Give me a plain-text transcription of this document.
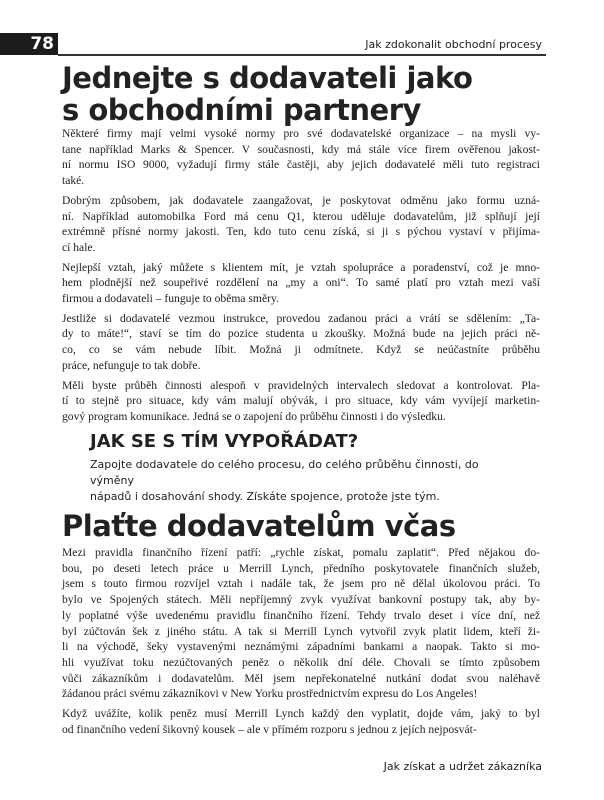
78	Jak zdokonalit obchodní procesy
Jednejte s dodavateli jako
s obchodními partnery
Některé firmy mají velmi vysoké normy pro své dodavatelské organizace – na mysli vy-
tane například Marks & Spencer. V současnosti, kdy má stále více firem ověřenou jakost-
ní normu ISO 9000, vyžadují firmy stále častěji, aby jejich dodavatelé měli tuto registraci
také.
Dobrým způsobem, jak dodavatele zaangažovat, je poskytovat odměnu jako formu uzná-
ní. Například automobilka Ford má cenu Q1, kterou uděluje dodavatelům, již splňují její
extrémně přísné normy jakosti. Ten, kdo tuto cenu získá, si ji s pýchou vystaví v přijíma-
cí hale.
Nejlepší vztah, jaký můžete s klientem mít, je vztah spolupráce a poradenství, což je mno-
hem plodnější než soupeřivé rozdělení na „my a oni“. To samé platí pro vztah mezi vaší
firmou a dodavateli – funguje to oběma směry.
Jestliže si dodavatelé vezmou instrukce, provedou zadanou práci a vrátí se sdělením: „Ta-
dy to máte!“, staví se tím do pozice studenta u zkoušky. Možná bude na jejich práci ně-
co, co se vám nebude líbit. Možná ji odmítnete. Když se neúčastníte průběhu
práce, nefunguje to tak dobře.
Měli byste průběh činnosti alespoň v pravidelných intervalech sledovat a kontrolovat. Pla-
tí to stejně pro situace, kdy vám malují obývák, i pro situace, kdy vám vyvíjejí marketin-
gový program komunikace. Jedná se o zapojení do průběhu činnosti i do výsledku.
JAK SE S TÍM VYPOŘÁDAT?
Zapojte dodavatele do celého procesu, do celého průběhu činnosti, do výměny
nápadů i dosahování shody. Získáte spojence, protože jste tým.
Plaťte dodavatelům včas
Mezi pravidla finančního řízení patří: „rychle získat, pomalu zaplatit“. Před nějakou do-
bou, po deseti letech práce u Merrill Lynch, předního poskytovatele finančních služeb,
jsem s touto firmou rozvíjel vztah i nadále tak, že jsem pro ně dělal úkolovou práci. To
bylo ve Spojených státech. Měli nepříjemný zvyk využívat bankovní postupy tak, aby by-
ly poplatné výše uvedenému pravidlu finančního řízení. Tehdy trvalo deset i více dní, než
byl zúčtován šek z jiného státu. A tak si Merrill Lynch vytvořil zvyk platit lidem, kteří ži-
li na východě, šeky vystavenými neznámými západními bankami a naopak. Takto si mo-
hli využívat toku nezúčtovaných peněz o několik dní déle. Chovali se tímto způsobem
vůči zákazníkům i dodavatelům. Měl jsem nepřekonatelné nutkání dodat svou naléhavě
žádanou práci svému zákazníkovi v New Yorku prostřednictvím expresu do Los Angeles!
Když uvážíte, kolik peněz musí Merrill Lynch každý den vyplatit, dojde vám, jaký to byl
od finančního vedení šikovný kousek – ale v přímém rozporu s jednou z jejích nejposvát-
Jak získat a udržet zákazníka
